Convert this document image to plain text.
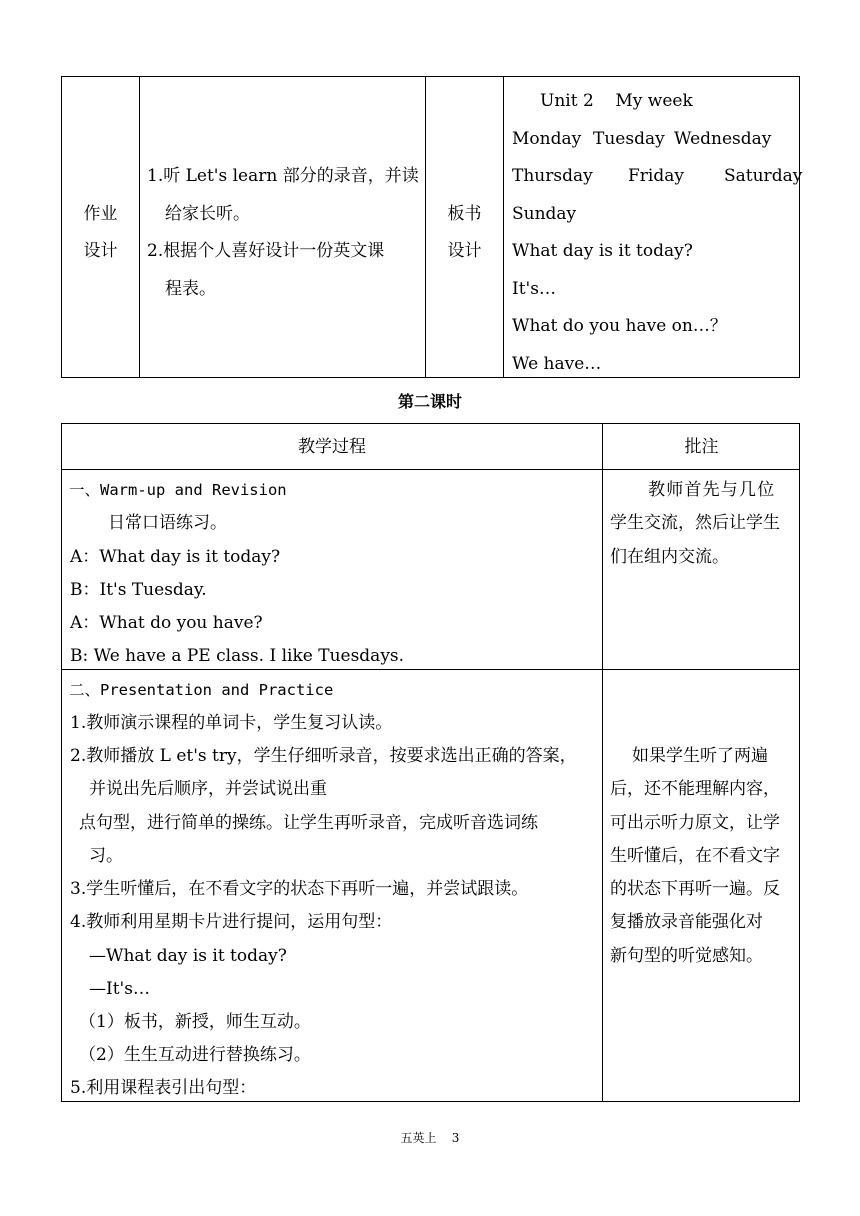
作业
设计
1.听 Let's learn 部分的录音，并读
给家长听。
2.根据个人喜好设计一份英文课
程表。
板书
设计
Unit 2    My week
Monday Tuesday Wednesday
Thursday Friday Saturday
Sunday
What day is it today?
It's…
What do you have on…？
We have…
第二课时
教学过程	批注
一、Warm-up and Revision
日常口语练习。
A：What day is it today?
B：It's Tuesday.
A：What do you have?
B: We have a PE class. I like Tuesdays.
教师首先与几位
学生交流，然后让学生
们在组内交流。
二、Presentation and Practice
1.教师演示课程的单词卡，学生复习认读。
2.教师播放 L et's try，学生仔细听录音，按要求选出正确的答案，
并说出先后顺序，并尝试说出重
点句型，进行简单的操练。让学生再听录音，完成听音选词练
习。
3.学生听懂后，在不看文字的状态下再听一遍，并尝试跟读。
4.教师利用星期卡片进行提问，运用句型：
—What day is it today?
—It's…
（1）板书，新授，师生互动。
（2）生生互动进行替换练习。
5.利用课程表引出句型：
如果学生听了两遍
后，还不能理解内容，
可出示听力原文，让学
生听懂后，在不看文字
的状态下再听一遍。反
复播放录音能强化对
新句型的听觉感知。
五英上    3
